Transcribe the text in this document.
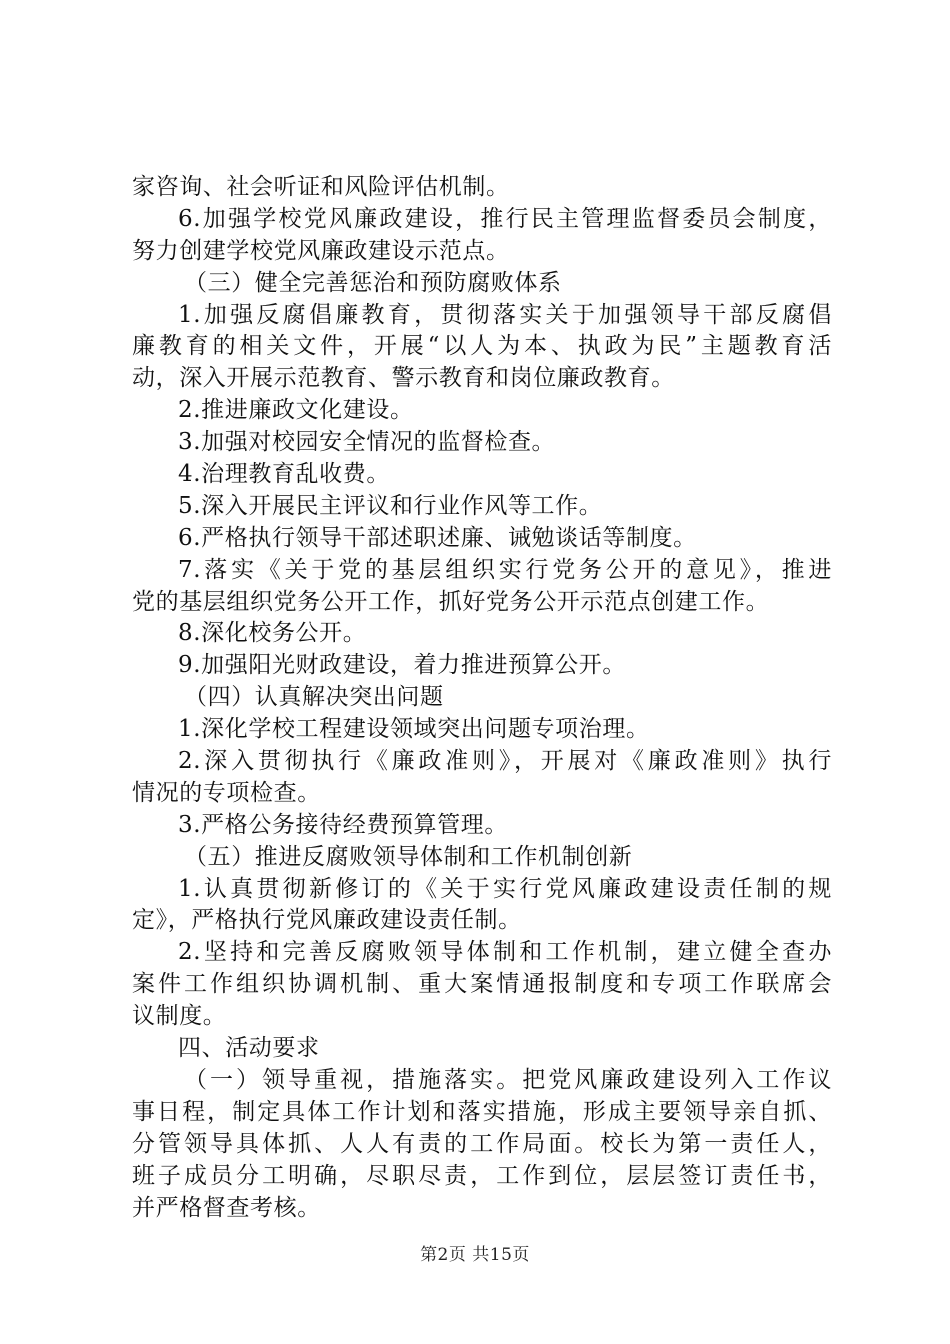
家咨询、社会听证和风险评估机制。
6.加强学校党风廉政建设，推行民主管理监督委员会制度，
努力创建学校党风廉政建设示范点。
（三）健全完善惩治和预防腐败体系
1.加强反腐倡廉教育，贯彻落实关于加强领导干部反腐倡
廉教育的相关文件，开展“以人为本、执政为民”主题教育活
动，深入开展示范教育、警示教育和岗位廉政教育。
2.推进廉政文化建设。
3.加强对校园安全情况的监督检查。
4.治理教育乱收费。
5.深入开展民主评议和行业作风等工作。
6.严格执行领导干部述职述廉、诫勉谈话等制度。
7.落实《关于党的基层组织实行党务公开的意见》，推进
党的基层组织党务公开工作，抓好党务公开示范点创建工作。
8.深化校务公开。
9.加强阳光财政建设，着力推进预算公开。
（四）认真解决突出问题
1.深化学校工程建设领域突出问题专项治理。
2.深入贯彻执行《廉政准则》，开展对《廉政准则》执行
情况的专项检查。
3.严格公务接待经费预算管理。
（五）推进反腐败领导体制和工作机制创新
1.认真贯彻新修订的《关于实行党风廉政建设责任制的规
定》，严格执行党风廉政建设责任制。
2.坚持和完善反腐败领导体制和工作机制，建立健全查办
案件工作组织协调机制、重大案情通报制度和专项工作联席会
议制度。
四、活动要求
（一）领导重视，措施落实。把党风廉政建设列入工作议
事日程，制定具体工作计划和落实措施，形成主要领导亲自抓、
分管领导具体抓、人人有责的工作局面。校长为第一责任人，
班子成员分工明确，尽职尽责，工作到位，层层签订责任书，
并严格督查考核。
第2页 共15页
